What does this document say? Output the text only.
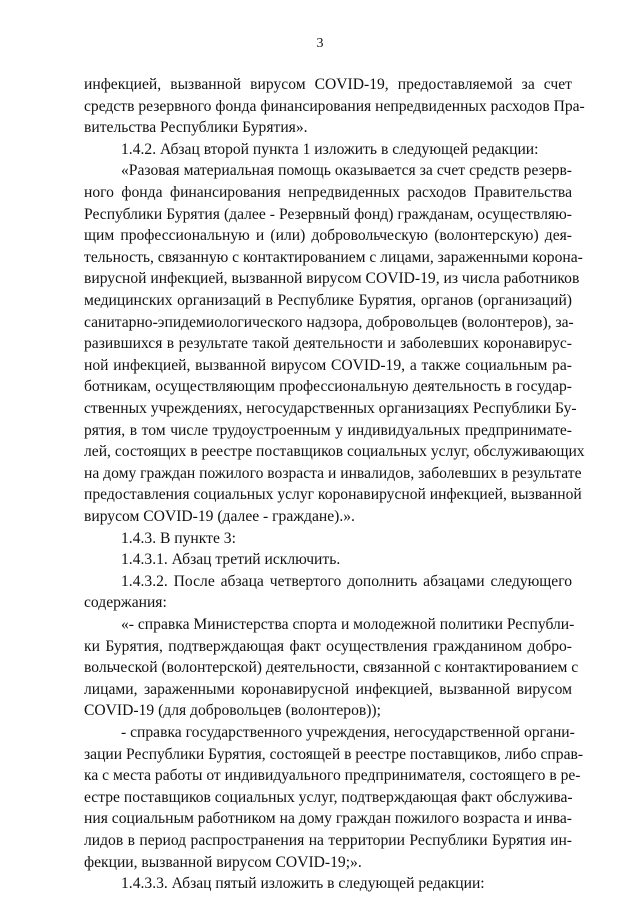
3
инфекцией, вызванной вирусом COVID-19, предоставляемой за счет
средств резервного фонда финансирования непредвиденных расходов Пра-
вительства Республики Бурятия».
1.4.2. Абзац второй пункта 1 изложить в следующей редакции:
«Разовая материальная помощь оказывается за счет средств резерв-
ного фонда финансирования непредвиденных расходов Правительства
Республики Бурятия (далее - Резервный фонд) гражданам, осуществляю-
щим профессиональную и (или) добровольческую (волонтерскую) дея-
тельность, связанную с контактированием с лицами, зараженными корона-
вирусной инфекцией, вызванной вирусом COVID-19, из числа работников
медицинских организаций в Республике Бурятия, органов (организаций)
санитарно-эпидемиологического надзора, добровольцев (волонтеров), за-
разившихся в результате такой деятельности и заболевших коронавирус-
ной инфекцией, вызванной вирусом COVID-19, а также социальным ра-
ботникам, осуществляющим профессиональную деятельность в государ-
ственных учреждениях, негосударственных организациях Республики Бу-
рятия, в том числе трудоустроенным у индивидуальных предпринимате-
лей, состоящих в реестре поставщиков социальных услуг, обслуживающих
на дому граждан пожилого возраста и инвалидов, заболевших в результате
предоставления социальных услуг коронавирусной инфекцией, вызванной
вирусом COVID-19 (далее - граждане).».
1.4.3. В пункте 3:
1.4.3.1. Абзац третий исключить.
1.4.3.2. После абзаца четвертого дополнить абзацами следующего
содержания:
«- справка Министерства спорта и молодежной политики Республи-
ки Бурятия, подтверждающая факт осуществления гражданином добро-
вольческой (волонтерской) деятельности, связанной с контактированием с
лицами, зараженными коронавирусной инфекцией, вызванной вирусом
COVID-19 (для добровольцев (волонтеров));
- справка государственного учреждения, негосударственной органи-
зации Республики Бурятия, состоящей в реестре поставщиков, либо справ-
ка с места работы от индивидуального предпринимателя, состоящего в ре-
естре поставщиков социальных услуг, подтверждающая факт обслужива-
ния социальным работником на дому граждан пожилого возраста и инва-
лидов в период распространения на территории Республики Бурятия ин-
фекции, вызванной вирусом COVID-19;».
1.4.3.3. Абзац пятый изложить в следующей редакции:
